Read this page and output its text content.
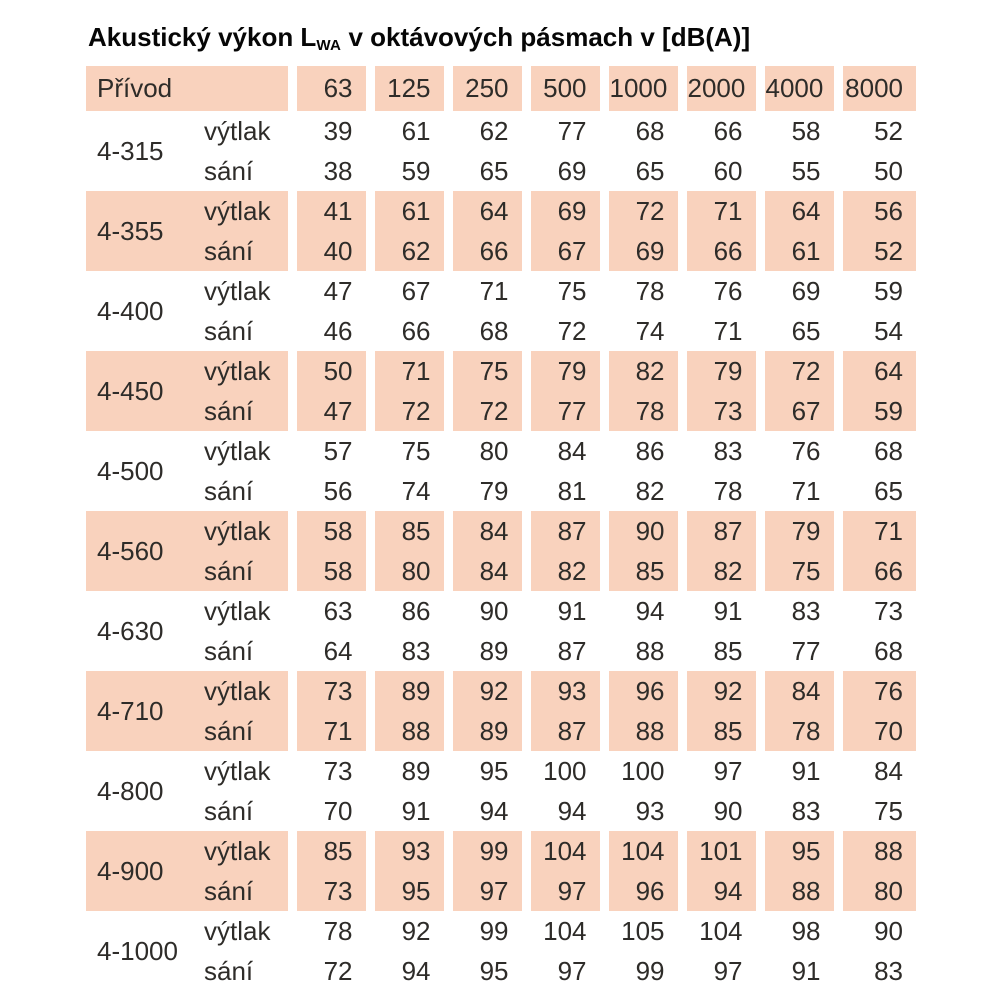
Akustický výkon $L_{WA}$ v oktávových pásmach v [dB(A)]
Přívod		63	125	250	500	1000	2000	4000	8000
4-315	výtlak	39	61	62	77	68	66	58	52
	sání	38	59	65	69	65	60	55	50
4-355	výtlak	41	61	64	69	72	71	64	56
	sání	40	62	66	67	69	66	61	52
4-400	výtlak	47	67	71	75	78	76	69	59
	sání	46	66	68	72	74	71	65	54
4-450	výtlak	50	71	75	79	82	79	72	64
	sání	47	72	72	77	78	73	67	59
4-500	výtlak	57	75	80	84	86	83	76	68
	sání	56	74	79	81	82	78	71	65
4-560	výtlak	58	85	84	87	90	87	79	71
	sání	58	80	84	82	85	82	75	66
4-630	výtlak	63	86	90	91	94	91	83	73
	sání	64	83	89	87	88	85	77	68
4-710	výtlak	73	89	92	93	96	92	84	76
	sání	71	88	89	87	88	85	78	70
4-800	výtlak	73	89	95	100	100	97	91	84
	sání	70	91	94	94	93	90	83	75
4-900	výtlak	85	93	99	104	104	101	95	88
	sání	73	95	97	97	96	94	88	80
4-1000	výtlak	78	92	99	104	105	104	98	90
	sání	72	94	95	97	99	97	91	83
